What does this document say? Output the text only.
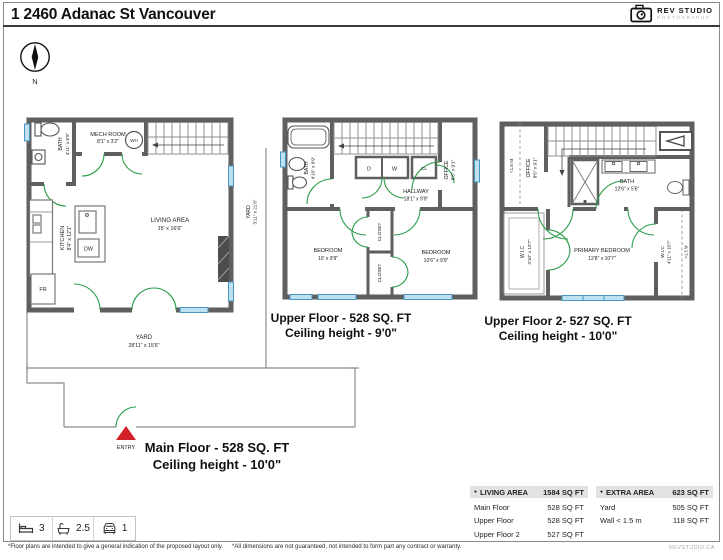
1 2460 Adanac St Vancouver	REV STUDIO
PHOTOGRAPHY
N
BATH 4'11" x 6'9"	MECH ROOM
8'1" x 3'2" WH
KITCHEN 8'4" x 12'1" DW
FR
LIVING AREA
15' x 16'6"
YARD 3'11" x 21'8"
YARD
28'11" x 15'6"
ENTRY Main Floor - 528 SQ. FT
Ceiling height - 10'0"
BATH 4'10" x 9'9"	D	W	CL
HALLWAY
18'1" x 9'9"
OFFICE 8'5" x 9'1"
BEDROOM
10' x 9'9"
CLOSET
CLOSET
BEDROOM
10'6" x 9'9"
Upper Floor - 528 SQ. FT
Ceiling height - 9'0"
<1.5 M OFFICE 8'5" x 9'1"
BATH
12'6" x 5'6"
W.I.C 4'10" x 10'7"	PRIMARY BEDROOM
12'8" x 10'7"
W.I.C 4'11" x 10'7"	<1.5 M
Upper Floor 2- 527 SQ. FT
Ceiling height - 10'0"
3	2.5	1
● LIVING AREA	1584 SQ FT
Main Floor	528 SQ FT
Upper Floor	528 SQ FT
Upper Floor 2	527 SQ FT
● EXTRA AREA	623 SQ FT
Yard	505 SQ FT
Wall < 1.5 m	118 SQ FT
*Floor plans are intended to give a general indication of the proposed layout only. *All dimensions are not guaranteed, not intended to form part any contract or warranty.	REVSTUDIO.CA
